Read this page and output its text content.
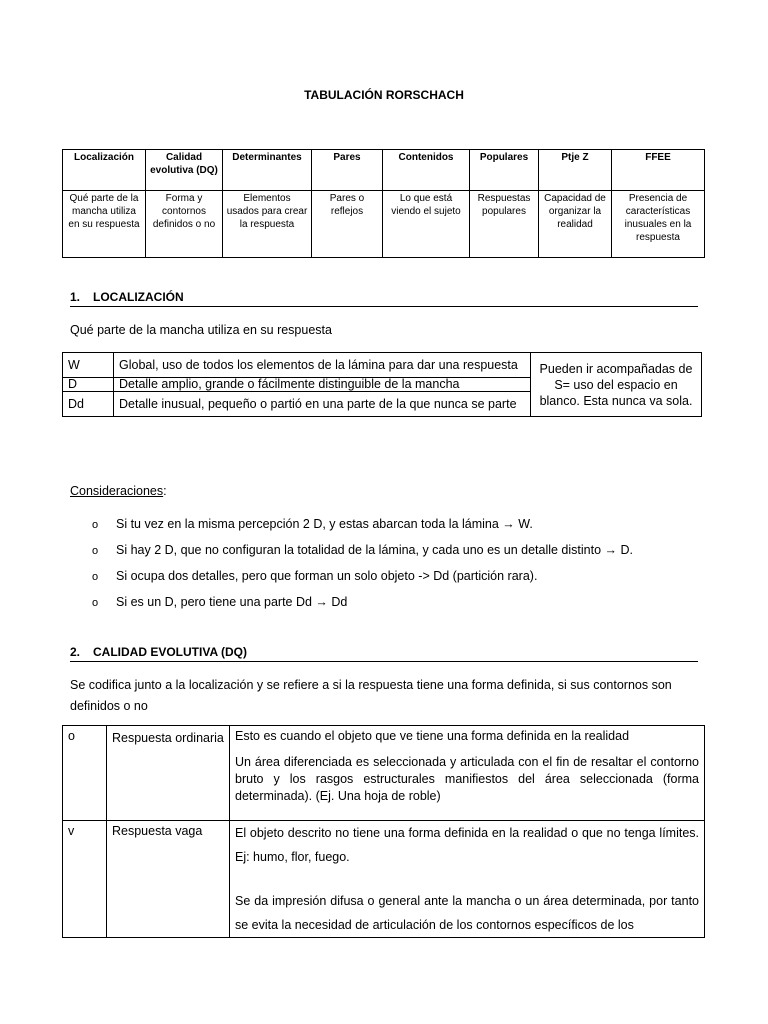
TABULACIÓN RORSCHACH
Localización	Calidad evolutiva (DQ)	Determinantes	Pares	Contenidos	Populares	Ptje Z	FFEE
Qué parte de la mancha utiliza en su respuesta	Forma y contornos definidos o no	Elementos usados para crear la respuesta	Pares o reflejos	Lo que está viendo el sujeto	Respuestas populares	Capacidad de organizar la realidad	Presencia de características inusuales en la respuesta
1. LOCALIZACIÓN
Qué parte de la mancha utiliza en su respuesta
W	Global, uso de todos los elementos de la lámina para dar una respuesta	Pueden ir acompañadas de S= uso del espacio en blanco. Esta nunca va sola.
D	Detalle amplio, grande o fácilmente distinguible de la mancha	
Dd	Detalle inusual, pequeño o partió en una parte de la que nunca se parte	
Consideraciones:
o Si tu vez en la misma percepción 2 D, y estas abarcan toda la lámina → W.
o Si hay 2 D, que no configuran la totalidad de la lámina, y cada uno es un detalle distinto → D.
o Si ocupa dos detalles, pero que forman un solo objeto -> Dd (partición rara).
o Si es un D, pero tiene una parte Dd → Dd
2. CALIDAD EVOLUTIVA (DQ)
Se codifica junto a la localización y se refiere a si la respuesta tiene una forma definida, si sus contornos son definidos o no
o	Respuesta ordinaria	Esto es cuando el objeto que ve tiene una forma definida en la realidad
Un área diferenciada es seleccionada y articulada con el fin de resaltar el contorno bruto y los rasgos estructurales manifiestos del área seleccionada (forma determinada). (Ej. Una hoja de roble)

v	Respuesta vaga	El objeto descrito no tiene una forma definida en la realidad o que no tenga límites. Ej: humo, flor, fuego.
Se da impresión difusa o general ante la mancha o un área determinada, por tanto se evita la necesidad de articulación de los contornos específicos de los
